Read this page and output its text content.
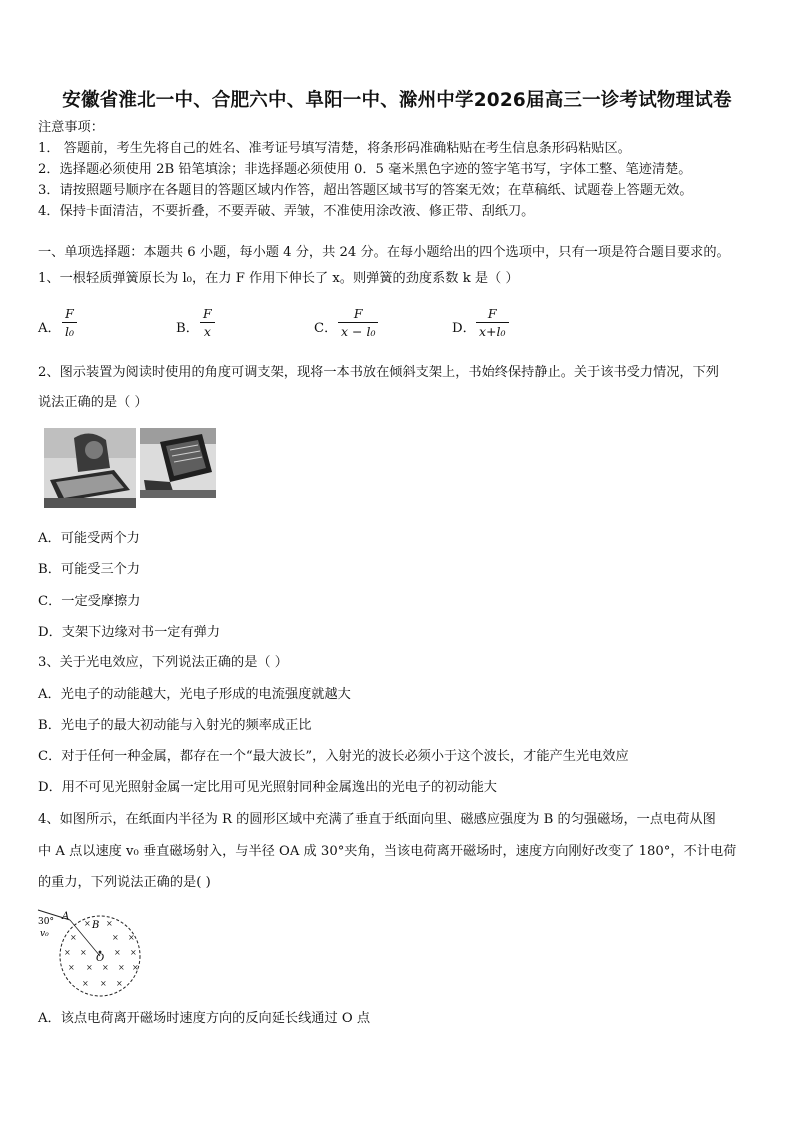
安徽省淮北一中、合肥六中、阜阳一中、滁州中学2026届高三一诊考试物理试卷
注意事项：
1． 答题前，考生先将自己的姓名、准考证号填写清楚，将条形码准确粘贴在考生信息条形码粘贴区。
2．选择题必须使用 2B 铅笔填涂；非选择题必须使用 0．5 毫米黑色字迹的签字笔书写，字体工整、笔迹清楚。
3．请按照题号顺序在各题目的答题区域内作答，超出答题区域书写的答案无效；在草稿纸、试题卷上答题无效。
4．保持卡面清洁，不要折叠，不要弄破、弄皱，不准使用涂改液、修正带、刮纸刀。
一、单项选择题：本题共 6 小题，每小题 4 分，共 24 分。在每小题给出的四个选项中，只有一项是符合题目要求的。
1、一根轻质弹簧原长为 l₀，在力 F 作用下伸长了 x。则弹簧的劲度系数 k 是（ ）
A．
F
l₀	B．
F
x	C．
F
x − l₀	D．
F
x+l₀
2、图示装置为阅读时使用的角度可调支架，现将一本书放在倾斜支架上，书始终保持静止。关于该书受力情况，下列
说法正确的是（ ）
A．可能受两个力
B．可能受三个力
C．一定受摩擦力
D．支架下边缘对书一定有弹力
3、关于光电效应，下列说法正确的是（ ）
A．光电子的动能越大，光电子形成的电流强度就越大
B．光电子的最大初动能与入射光的频率成正比
C．对于任何一种金属，都存在一个“最大波长”，入射光的波长必须小于这个波长，才能产生光电效应
D．用不可见光照射金属一定比用可见光照射同种金属逸出的光电子的初动能大
4、如图所示，在纸面内半径为 R 的圆形区域中充满了垂直于纸面向里、磁感应强度为 B 的匀强磁场，一点电荷从图
中 A 点以速度 v₀ 垂直磁场射入，与半径 OA 成 30°夹角，当该电荷离开磁场时，速度方向刚好改变了 180°，不计电荷
的重力，下列说法正确的是( )
30°
v₀
A
B
O
× ×
×	× ×
× ×	× ×
× × × × ×
× × ×
A．该点电荷离开磁场时速度方向的反向延长线通过 O 点
